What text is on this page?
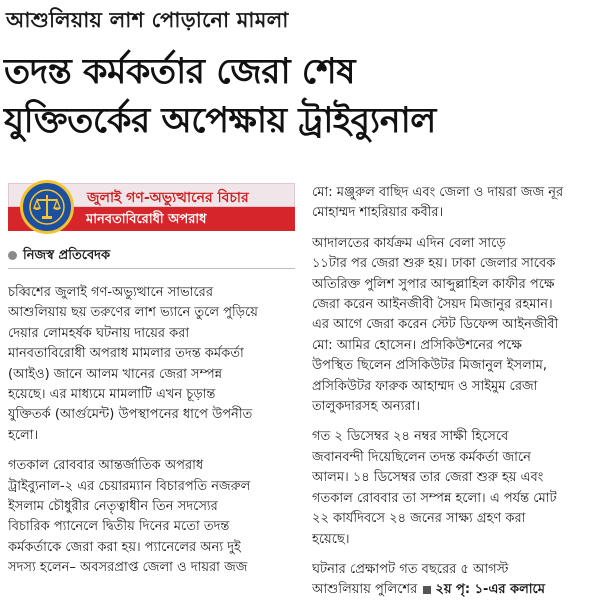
আশুলিয়ায় লাশ পোড়ানো মামলা
তদন্ত কর্মকর্তার জেরা শেষ
যুক্তিতর্কের অপেক্ষায় ট্রাইব্যুনাল
জুলাই গণ-অভ্যুত্থানের বিচার
মানবতাবিরোধী অপরাধ
নিজস্ব প্রতিবেদক

চব্বিশের জুলাই গণ-অভ্যুত্থানে সাভারের
আশুলিয়ায় ছয় তরুণের লাশ ভ্যানে তুলে পুড়িয়ে
দেয়ার লোমহর্ষক ঘটনায় দায়ের করা
মানবতাবিরোধী অপরাধ মামলার তদন্ত কর্মকর্তা
(আইও) জানে আলম খানের জেরা সম্পন্ন
হয়েছে। এর মাধ্যমে মামলাটি এখন চূড়ান্ত
যুক্তিতর্ক (আর্গুমেন্ট) উপস্থাপনের ধাপে উপনীত
হলো।

গতকাল রোববার আন্তর্জাতিক অপরাধ
ট্রাইব্যুনাল-২ এর চেয়ারম্যান বিচারপতি নজরুল
ইসলাম চৌধুরীর নেতৃত্বাধীন তিন সদস্যের
বিচারিক প্যানেলে দ্বিতীয় দিনের মতো তদন্ত
কর্মকর্তাকে জেরা করা হয়। প্যানেলের অন্য দুই
সদস্য হলেন– অবসরপ্রাপ্ত জেলা ও দায়রা জজ

মো: মঞ্জুরুল বাছিদ এবং জেলা ও দায়রা জজ নূর
মোহাম্মদ শাহরিয়ার কবীর।

আদালতের কার্যক্রম এদিন বেলা সাড়ে
১১টার পর জেরা শুরু হয়। ঢাকা জেলার সাবেক
অতিরিক্ত পুলিশ সুপার আব্দুল্লাহিল কাফীর পক্ষে
জেরা করেন আইনজীবী সৈয়দ মিজানুর রহমান।
এর আগে জেরা করেন স্টেট ডিফেন্স আইনজীবী
মো: আমির হোসেন। প্রসিকিউশনের পক্ষে
উপস্থিত ছিলেন প্রসিকিউটর মিজানুল ইসলাম,
প্রসিকিউটর ফারুক আহাম্মদ ও সাইমুম রেজা
তালুকদারসহ অন্যরা।

গত ২ ডিসেম্বর ২৪ নম্বর সাক্ষী হিসেবে
জবানবন্দী দিয়েছিলেন তদন্ত কর্মকর্তা জানে
আলম। ১৪ ডিসেম্বর তার জেরা শুরু হয় এবং
গতকাল রোববার তা সম্পন্ন হলো। এ পর্যন্ত মোট
২২ কার্যদিবসে ২৪ জনের সাক্ষ্য গ্রহণ করা
হয়েছে।

ঘটনার প্রেক্ষাপট গত বছরের ৫ আগস্ট
আশুলিয়ায় পুলিশের ২য় পৃ: ১-এর কলামে
